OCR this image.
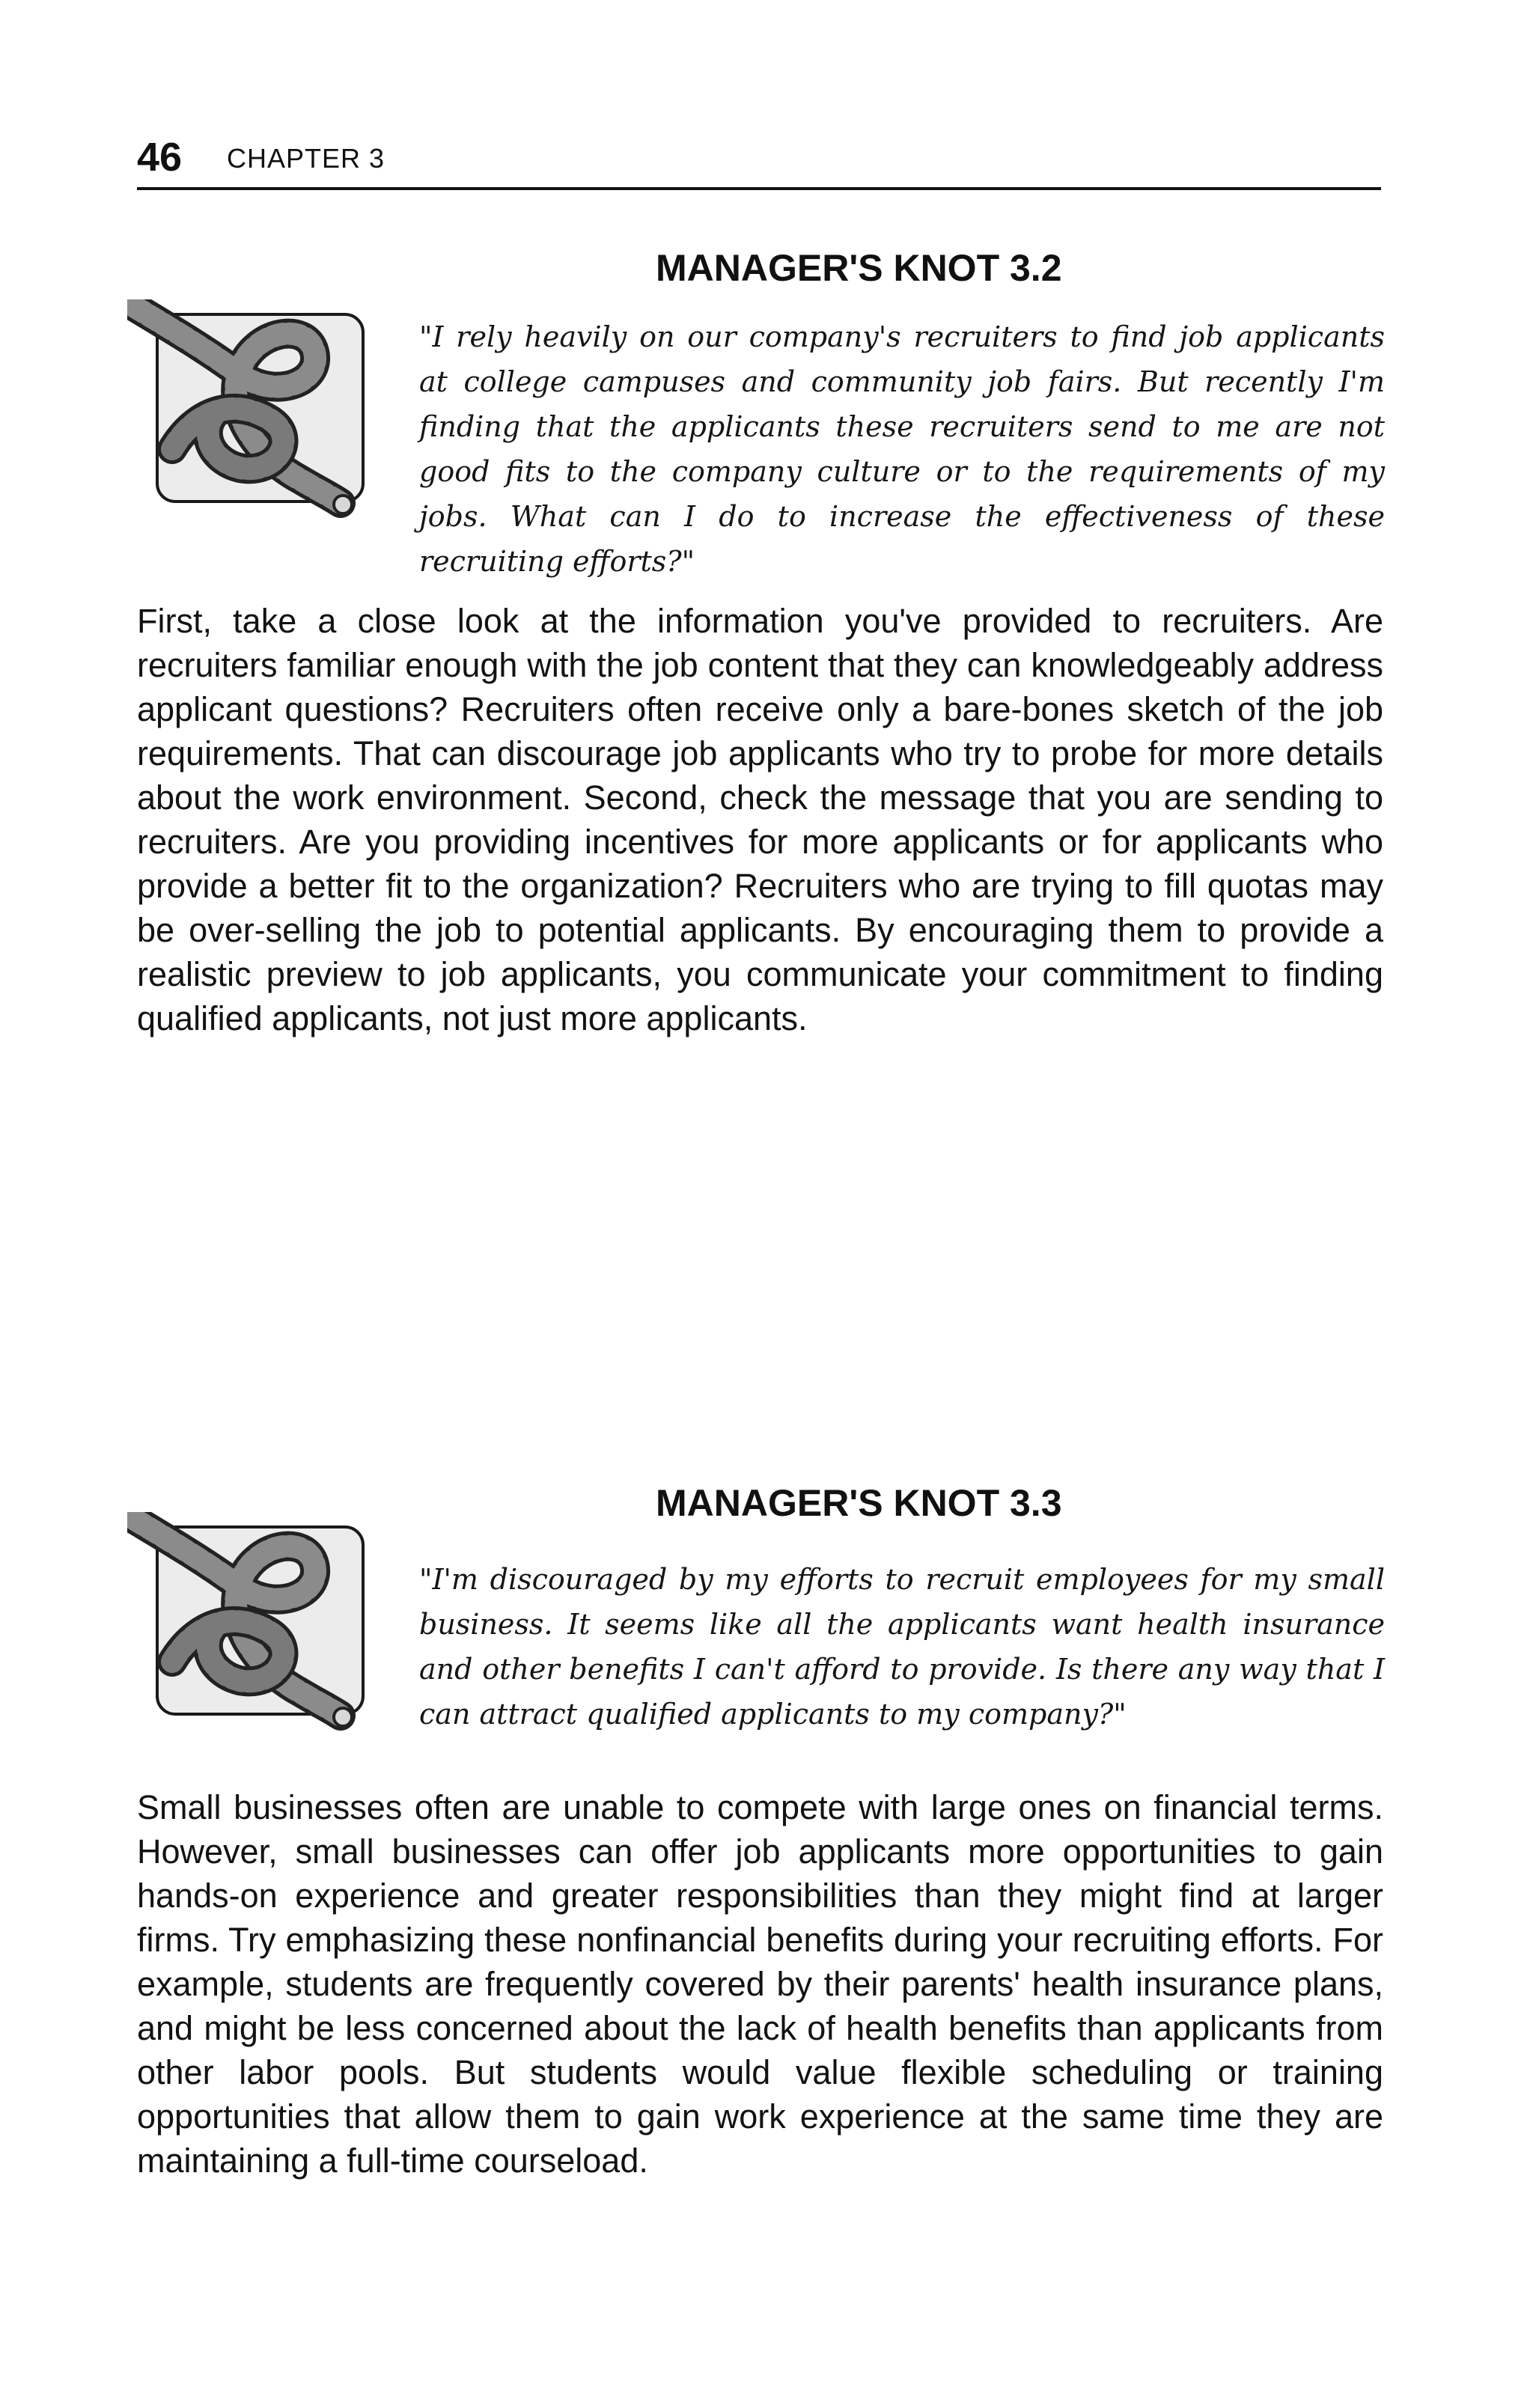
46 CHAPTER 3
MANAGER'S KNOT 3.2
"I rely heavily on our company's recruiters to find job applicants at college campuses and community job fairs. But recently I'm finding that the applicants these recruiters send to me are not good fits to the company culture or to the requirements of my jobs. What can I do to increase the effectiveness of these recruiting efforts?"
First, take a close look at the information you've provided to recruiters. Are recruiters familiar enough with the job content that they can knowledgeably address applicant questions? Recruiters often receive only a bare-bones sketch of the job requirements. That can discourage job applicants who try to probe for more details about the work environment. Second, check the message that you are sending to recruiters. Are you providing incentives for more applicants or for applicants who provide a better fit to the organization? Recruiters who are trying to fill quotas may be over-selling the job to potential applicants. By encouraging them to provide a realistic preview to job applicants, you communicate your commitment to finding qualified applicants, not just more applicants.
MANAGER'S KNOT 3.3
"I'm discouraged by my efforts to recruit employees for my small business. It seems like all the applicants want health insurance and other benefits I can't afford to provide. Is there any way that I can attract qualified applicants to my company?"
Small businesses often are unable to compete with large ones on financial terms. However, small businesses can offer job applicants more opportunities to gain hands-on experience and greater responsibilities than they might find at larger firms. Try emphasizing these nonfinancial benefits during your recruiting efforts. For example, students are frequently covered by their parents' health insurance plans, and might be less concerned about the lack of health benefits than applicants from other labor pools. But students would value flexible scheduling or training opportunities that allow them to gain work experience at the same time they are maintaining a full-time courseload.
